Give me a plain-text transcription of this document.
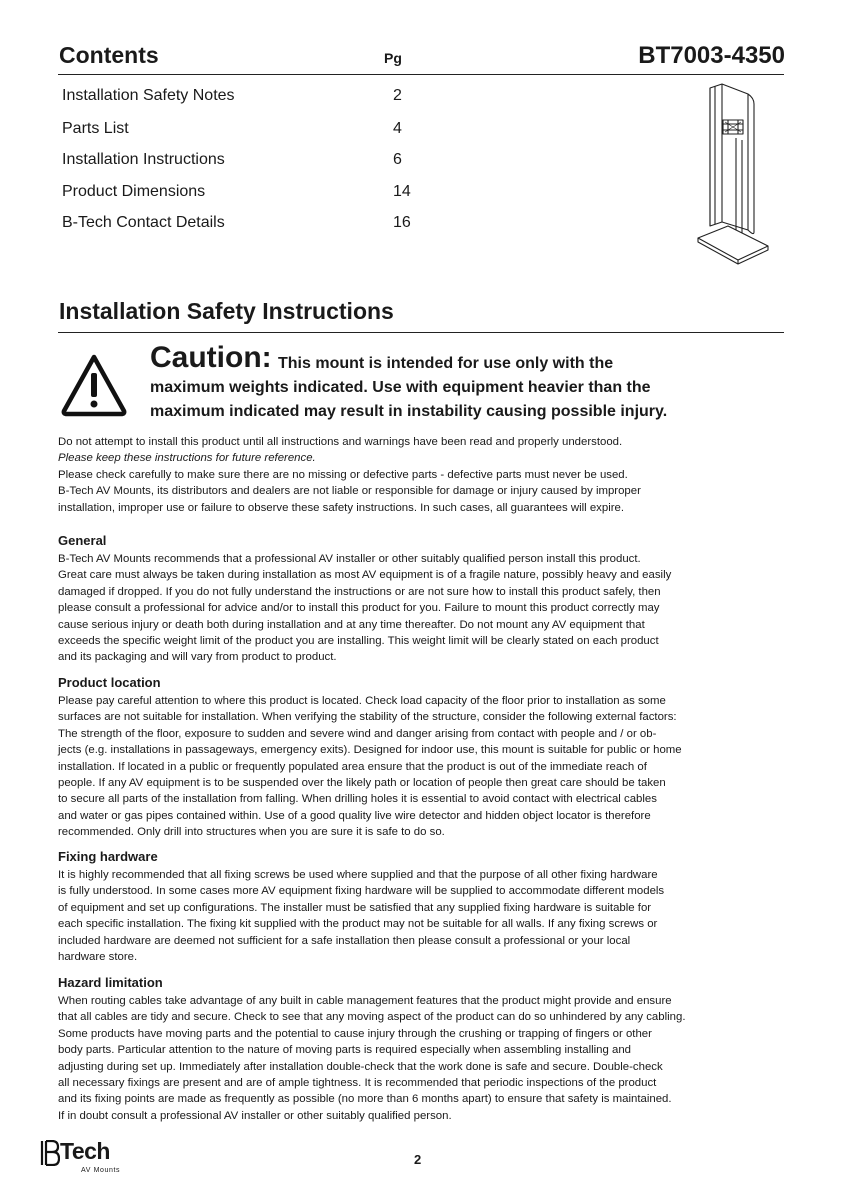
Contents	Pg	BT7003-4350
Installation Safety Notes	2
Parts List	4
Installation Instructions	6
Product Dimensions	14
B-Tech Contact Details	16
Installation Safety Instructions
Caution: This mount is intended for use only with the
maximum weights indicated. Use with equipment heavier than the
maximum indicated may result in instability causing possible injury.
Do not attempt to install this product until all instructions and warnings have been read and properly understood.
Please keep these instructions for future reference.
Please check carefully to make sure there are no missing or defective parts - defective parts must never be used.
B-Tech AV Mounts, its distributors and dealers are not liable or responsible for damage or injury caused by improper
installation, improper use or failure to observe these safety instructions. In such cases, all guarantees will expire.
General
B-Tech AV Mounts recommends that a professional AV installer or other suitably qualified person install this product.
Great care must always be taken during installation as most AV equipment is of a fragile nature, possibly heavy and easily
damaged if dropped. If you do not fully understand the instructions or are not sure how to install this product safely, then
please consult a professional for advice and/or to install this product for you. Failure to mount this product correctly may
cause serious injury or death both during installation and at any time thereafter. Do not mount any AV equipment that
exceeds the specific weight limit of the product you are installing. This weight limit will be clearly stated on each product
and its packaging and will vary from product to product.
Product location
Please pay careful attention to where this product is located. Check load capacity of the floor prior to installation as some
surfaces are not suitable for installation. When verifying the stability of the structure, consider the following external factors:
The strength of the floor, exposure to sudden and severe wind and danger arising from contact with people and / or ob-
jects (e.g. installations in passageways, emergency exits). Designed for indoor use, this mount is suitable for public or home
installation. If located in a public or frequently populated area ensure that the product is out of the immediate reach of
people. If any AV equipment is to be suspended over the likely path or location of people then great care should be taken
to secure all parts of the installation from falling. When drilling holes it is essential to avoid contact with electrical cables
and water or gas pipes contained within. Use of a good quality live wire detector and hidden object locator is therefore
recommended. Only drill into structures when you are sure it is safe to do so.
Fixing hardware
It is highly recommended that all fixing screws be used where supplied and that the purpose of all other fixing hardware
is fully understood. In some cases more AV equipment fixing hardware will be supplied to accommodate different models
of equipment and set up configurations. The installer must be satisfied that any supplied fixing hardware is suitable for
each specific installation. The fixing kit supplied with the product may not be suitable for all walls. If any fixing screws or
included hardware are deemed not sufficient for a safe installation then please consult a professional or your local
hardware store.
Hazard limitation
When routing cables take advantage of any built in cable management features that the product might provide and ensure
that all cables are tidy and secure. Check to see that any moving aspect of the product can do so unhindered by any cabling.
Some products have moving parts and the potential to cause injury through the crushing or trapping of fingers or other
body parts. Particular attention to the nature of moving parts is required especially when assembling installing and
adjusting during set up. Immediately after installation double-check that the work done is safe and secure. Double-check
all necessary fixings are present and are of ample tightness. It is recommended that periodic inspections of the product
and its fixing points are made as frequently as possible (no more than 6 months apart) to ensure that safety is maintained.
If in doubt consult a professional AV installer or other suitably qualified person.
Tech
AV Mounts
2
